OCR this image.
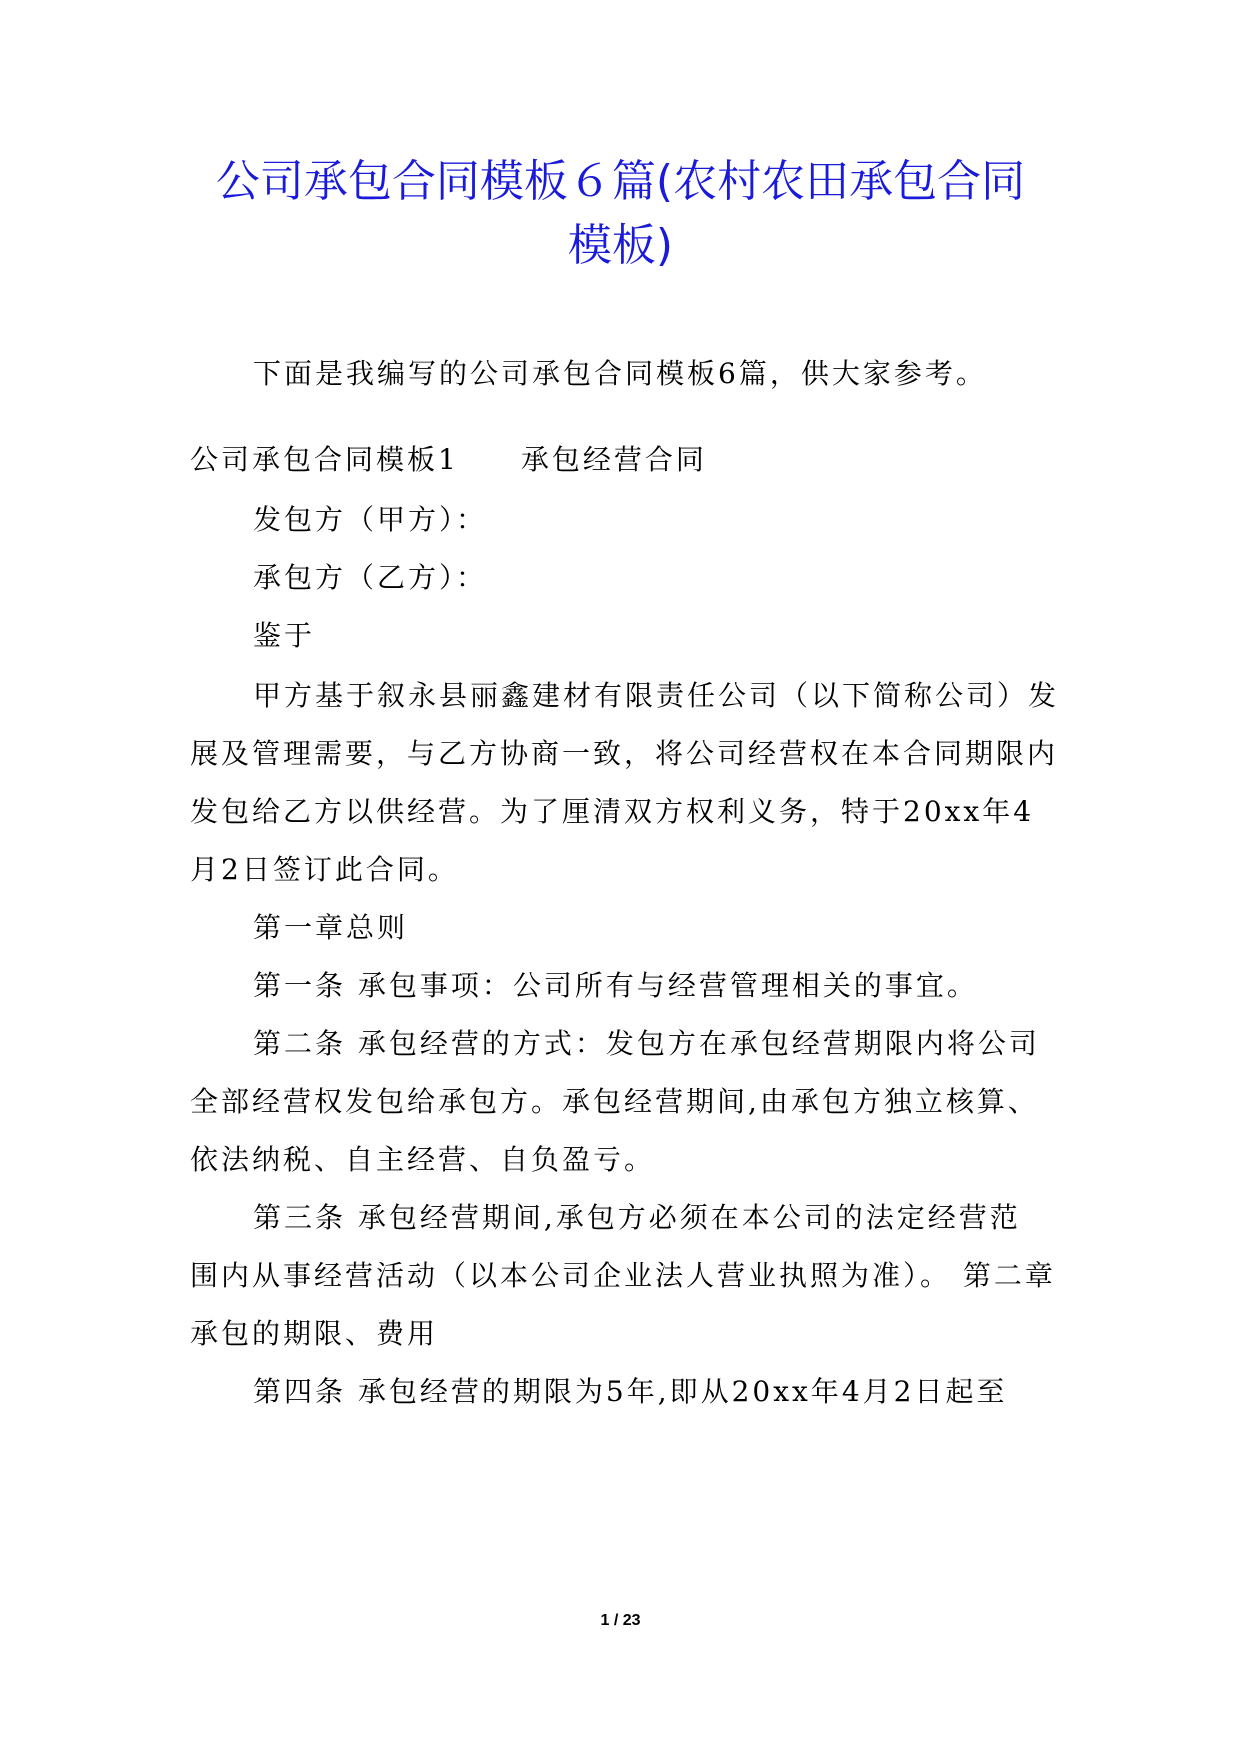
公司承包合同模板６篇(农村农田承包合同
模板)
下面是我编写的公司承包合同模板6篇，供大家参考。
公司承包合同模板1　　承包经营合同
发包方（甲方）：
承包方（乙方）：
鉴于
甲方基于叙永县丽鑫建材有限责任公司（以下简称公司）发
展及管理需要，与乙方协商一致，将公司经营权在本合同期限内
发包给乙方以供经营。为了厘清双方权利义务，特于20xx年4
月2日签订此合同。
第一章总则
第一条 承包事项：公司所有与经营管理相关的事宜。
第二条 承包经营的方式：发包方在承包经营期限内将公司
全部经营权发包给承包方。承包经营期间,由承包方独立核算、
依法纳税、自主经营、自负盈亏。
第三条 承包经营期间,承包方必须在本公司的法定经营范
围内从事经营活动（以本公司企业法人营业执照为准）。 第二章
承包的期限、费用
第四条 承包经营的期限为5年,即从20xx年4月2日起至
1 / 23
